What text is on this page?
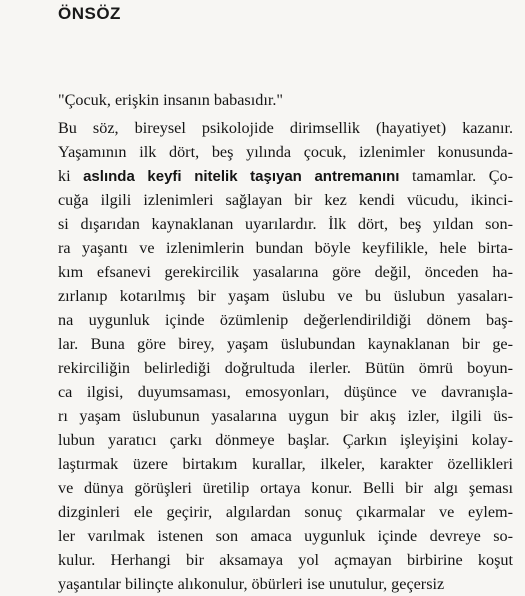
ÖNSÖZ
"Çocuk, erişkin insanın babasıdır."
Bu söz, bireysel psikolojide dirimsellik (hayatiyet) kazanır.
Yaşamının ilk dört, beş yılında çocuk, izlenimler konusunda-
ki aslında keyfi nitelik taşıyan antremanını tamamlar. Ço-
cuğa ilgili izlenimleri sağlayan bir kez kendi vücudu, ikinci-
si dışarıdan kaynaklanan uyarılardır. İlk dört, beş yıldan son-
ra yaşantı ve izlenimlerin bundan böyle keyfilikle, hele birta-
kım efsanevi gerekircilik yasalarına göre değil, önceden ha-
zırlanıp kotarılmış bir yaşam üslubu ve bu üslubun yasaları-
na uygunluk içinde özümlenip değerlendirildiği dönem baş-
lar. Buna göre birey, yaşam üslubundan kaynaklanan bir ge-
rekirciliğin belirlediği doğrultuda ilerler. Bütün ömrü boyun-
ca ilgisi, duyumsaması, emosyonları, düşünce ve davranışla-
rı yaşam üslubunun yasalarına uygun bir akış izler, ilgili üs-
lubun yaratıcı çarkı dönmeye başlar. Çarkın işleyişini kolay-
laştırmak üzere birtakım kurallar, ilkeler, karakter özellikleri
ve dünya görüşleri üretilip ortaya konur. Belli bir algı şeması
dizginleri ele geçirir, algılardan sonuç çıkarmalar ve eylem-
ler varılmak istenen son amaca uygunluk içinde devreye so-
kulur. Herhangi bir aksamaya yol açmayan birbirine koşut
yaşantılar bilinçte alıkonulur, öbürleri ise unutulur, geçersiz
